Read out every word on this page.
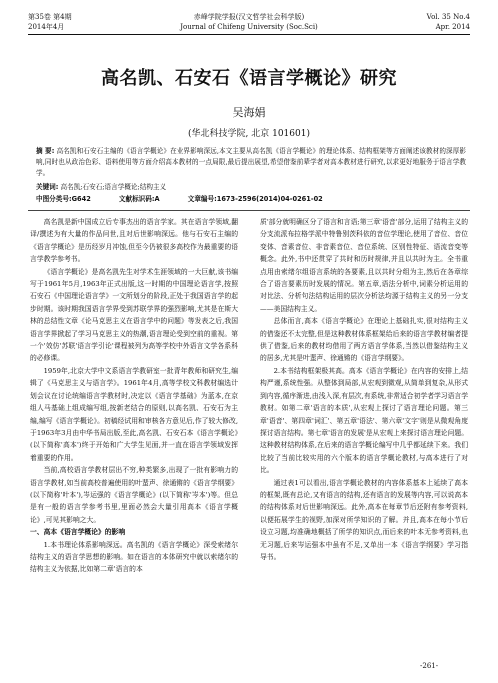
第35卷 第4期
2014年4月
赤峰学院学报(汉文哲学社会科学版)
Journal of Chifeng University (Soc.Sci)
Vol. 35 No.4
Apr. 2014
高名凯、石安石《语言学概论》研究
吴海娟
(华北科技学院, 北京 101601)
摘 要: 高名凯和石安石主编的《语言学概论》在业界影响深远,本文主要从高名凯《语言学概论》的理论体系、结构框架等方面阐述该教材的深厚影响,同时也从政治色彩、语料使用等方面介绍高本教材的一点局限,最后提出展望,希望借鉴前辈学者对高本教材进行研究,以求更好地服务于语言学教学。
关键词: 高名凯;石安石;语言学概论;结构主义
中图分类号:G642	文献标识码:A	文章编号:1673-2596(2014)04-0261-02

高名凯是新中国成立后专事杰出的语言学家。其在语言学领域,翻译/撰述为有大量的作品问世,且对后世影响深远。他与石安石主编的《语言学概论》是历经岁月冲蚀,但至今仍被很多高校作为最重要的语言学教学参考书。

《语言学概论》是高名凯先生对学术生涯领域的一大巨献,该书编写于1961年5月,1963年正式出版,这一时期的中国理论语言学,按照石安石《中国理论语言学》一文所划分的阶段,正处于我国语言学的起步时期。该时期我国语言学界受到苏联学界的强烈影响,尤其是在斯大林的总结性文章《论马克思主义在语言学中的问题》等发表之后,我国语言学界掀起了学习马克思主义的热潮,语言理论受到空前的重视。第一个'效仿'苏联'语言学引论'课程被列为高等学校中外语言文学各系科的必修课。

1959年,北京大学中文系语言学教研室一批青年教师和研究生,编辑了《马克思主义与语言学》。1961年4月,高等学校文科教材编选计划会议在讨论统编语言学教材时,决定以《语言学基础》为蓝本,在京组人马基础上组成编写组,按新老结合的原则,以高名凯、石安石为主编,编写《语言学概论》。初稿经试用和审核各方意见后,作了较大修改,于1963年3月由中华书局出版,至此,高名凯、石安石本《语言学概论》(以下简称'高本')终于开始和广大学生见面,并一直在语言学领域发挥着重要的作用。

当前,高校语言学教材层出不穷,种类繁多,出现了一批有影响力的语言学教材,如当前高校普遍使用的叶蜚声、徐通锵的《语言学纲要》(以下简称'叶本'),岑运强的《语言学概论》(以下简称'岑本')等。但总是有一般的语言学参考书里,里面必然会大量引用高本《语言学概论》,可见其影响之大。

一、高本《语言学概论》的影响

1.本书理论体系影响深远。高名凯的《语言学概论》深受索绪尔结构主义的语言学思想的影响。如在语言的本体研究中就以索绪尔的结构主义为依据,比如第二章'语言的本

质'部分就明确区分了语言和言语;第三章'语音'部分,运用了结构主义的分支流派布拉格学派中特鲁别茨科依的音位学理论,使用了音位、音位变体、音素音位、非音素音位、音位系统、区别性特征、语流音变等概念。此外,书中还贯穿了共时和历时规律,并且以共时为主。全书重点用由索绪尔组语言系统的各要素,且以共时分组为主,然后在各章综合了语言要素历时发展的情况。第五章,语法分析中,词素分析运用的对比法、分析句法结构运用的层次分析法均源于结构主义的另一分支——美国结构主义。

总体而言,高本《语言学概论》在理论上基础扎实,很对结构主义的借鉴还不太完整,但是这种教材体系框架给后来的语言学教材编者提供了借鉴,后来的教材均借用了两方语言学体系,当然以借鉴结构主义的居多,尤其是叶蜚声、徐通锵的《语言学纲要》。

2.本书结构框架极其高。高本《语言学概论》在内容的安排上,结构严谨,系统性强。从整体到局部,从宏观到微观,从简单到复杂,从形式到内容,循序渐进,由浅入深,有层次,有系统,非常适合初学者学习语言学教材。如第二章'语言的本质',从宏观上探讨了语言理论问题。第三章'语音'、第四章'词汇'、第五章'语法'、第六章'文字'则是从微观角度探讨语言结构。第七章'语言的发展'是从宏观上来探讨语言理论问题。这种教材结构体系,在后来的语言学概论编写中几乎都延续下来。我们比较了当前比较实用的六个版本的语言学概论教材,与高本进行了对比。

通过表1可以看出,语言学概论教材的内容体系基本上延续了高本的框架,既有总论,又有语言的结构,还有语言的发展等内容,可以说高本的结构体系对后世影响深远。此外,高本在每章节后还附有参考资料,以便拓展学生的视野,加深对所学知识的了解。并且,高本在每小节后设立习题,均准确地概括了所学的知识点,而后来的叶本无参考资料,也无习题,后来岑运强本中虽有不足,又单出一本《语言学纲要》学习指导书。

-261-
